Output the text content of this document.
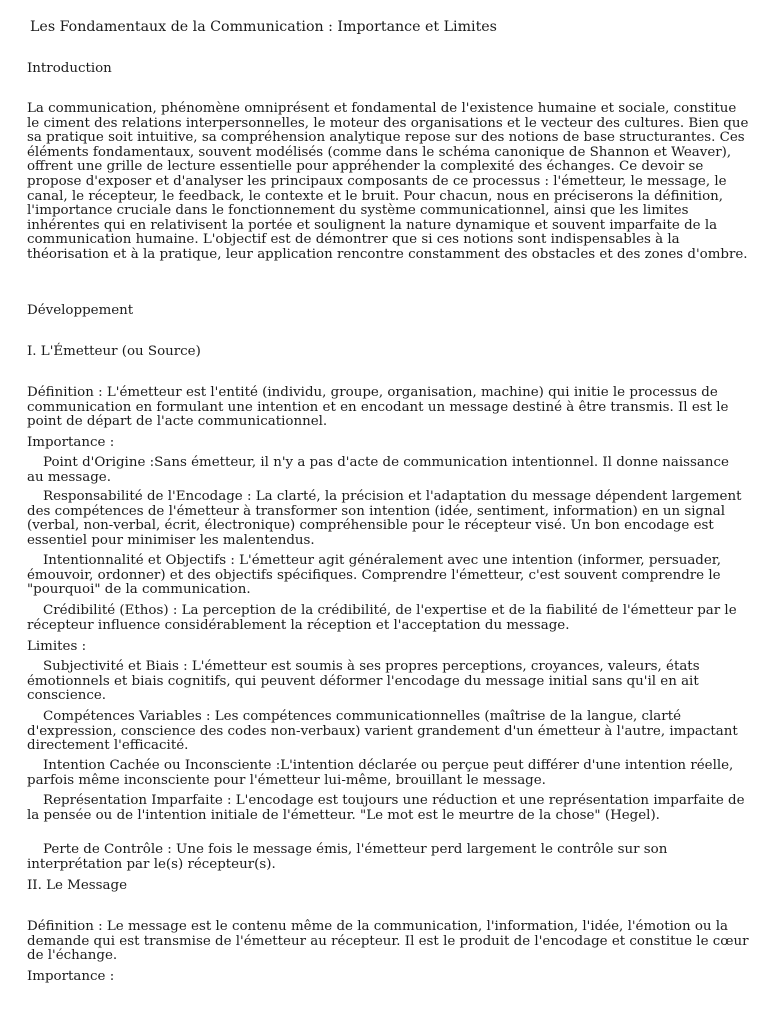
Les Fondamentaux de la Communication : Importance et Limites
Introduction
La communication, phénomène omniprésent et fondamental de l'existence humaine et sociale, constitue le ciment des relations interpersonnelles, le moteur des organisations et le vecteur des cultures. Bien que sa pratique soit intuitive, sa compréhension analytique repose sur des notions de base structurantes. Ces éléments fondamentaux, souvent modélisés (comme dans le schéma canonique de Shannon et Weaver), offrent une grille de lecture essentielle pour appréhender la complexité des échanges. Ce devoir se propose d'exposer et d'analyser les principaux composants de ce processus : l'émetteur, le message, le canal, le récepteur, le feedback, le contexte et le bruit. Pour chacun, nous en préciserons la définition, l'importance cruciale dans le fonctionnement du système communicationnel, ainsi que les limites inhérentes qui en relativisent la portée et soulignent la nature dynamique et souvent imparfaite de la communication humaine. L'objectif est de démontrer que si ces notions sont indispensables à la théorisation et à la pratique, leur application rencontre constamment des obstacles et des zones d'ombre.
Développement
I. L'Émetteur (ou Source)
Définition : L'émetteur est l'entité (individu, groupe, organisation, machine) qui initie le processus de communication en formulant une intention et en encodant un message destiné à être transmis. Il est le point de départ de l'acte communicationnel.
Importance :
Point d'Origine :Sans émetteur, il n'y a pas d'acte de communication intentionnel. Il donne naissance au message.
Responsabilité de l'Encodage : La clarté, la précision et l'adaptation du message dépendent largement des compétences de l'émetteur à transformer son intention (idée, sentiment, information) en un signal (verbal, non-verbal, écrit, électronique) compréhensible pour le récepteur visé. Un bon encodage est essentiel pour minimiser les malentendus.
Intentionnalité et Objectifs : L'émetteur agit généralement avec une intention (informer, persuader, émouvoir, ordonner) et des objectifs spécifiques. Comprendre l'émetteur, c'est souvent comprendre le "pourquoi" de la communication.
Crédibilité (Ethos) : La perception de la crédibilité, de l'expertise et de la fiabilité de l'émetteur par le récepteur influence considérablement la réception et l'acceptation du message.
Limites :
Subjectivité et Biais : L'émetteur est soumis à ses propres perceptions, croyances, valeurs, états émotionnels et biais cognitifs, qui peuvent déformer l'encodage du message initial sans qu'il en ait conscience.
Compétences Variables : Les compétences communicationnelles (maîtrise de la langue, clarté d'expression, conscience des codes non-verbaux) varient grandement d'un émetteur à l'autre, impactant directement l'efficacité.
Intention Cachée ou Inconsciente :L'intention déclarée ou perçue peut différer d'une intention réelle, parfois même inconsciente pour l'émetteur lui-même, brouillant le message.
Représentation Imparfaite : L'encodage est toujours une réduction et une représentation imparfaite de la pensée ou de l'intention initiale de l'émetteur. "Le mot est le meurtre de la chose" (Hegel).
Perte de Contrôle : Une fois le message émis, l'émetteur perd largement le contrôle sur son interprétation par le(s) récepteur(s).
II. Le Message
Définition : Le message est le contenu même de la communication, l'information, l'idée, l'émotion ou la demande qui est transmise de l'émetteur au récepteur. Il est le produit de l'encodage et constitue le cœur de l'échange.
Importance :
